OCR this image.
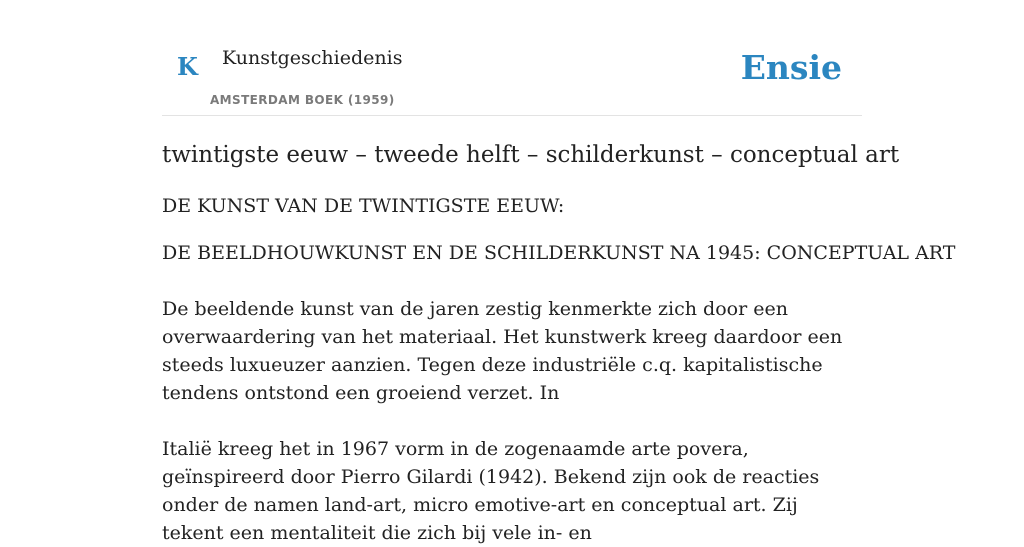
K Kunstgeschiedenis
AMSTERDAM BOEK (1959)
Ensie
twintigste eeuw – tweede helft – schilderkunst – conceptual art

DE KUNST VAN DE TWINTIGSTE EEUW:

DE BEELDHOUWKUNST EN DE SCHILDERKUNST NA 1945: CONCEPTUAL ART

De beeldende kunst van de jaren zestig kenmerkte zich door een overwaardering van het materiaal. Het kunstwerk kreeg daardoor een steeds luxueuzer aanzien. Tegen deze industriële c.q. kapitalistische tendens ontstond een groeiend verzet. In

Italië kreeg het in 1967 vorm in de zogenaamde arte povera, geïnspireerd door Pierro Gilardi (1942). Bekend zijn ook de reacties onder de namen land-art, micro emotive-art en conceptual art. Zij tekent een mentaliteit die zich bij vele in- en
